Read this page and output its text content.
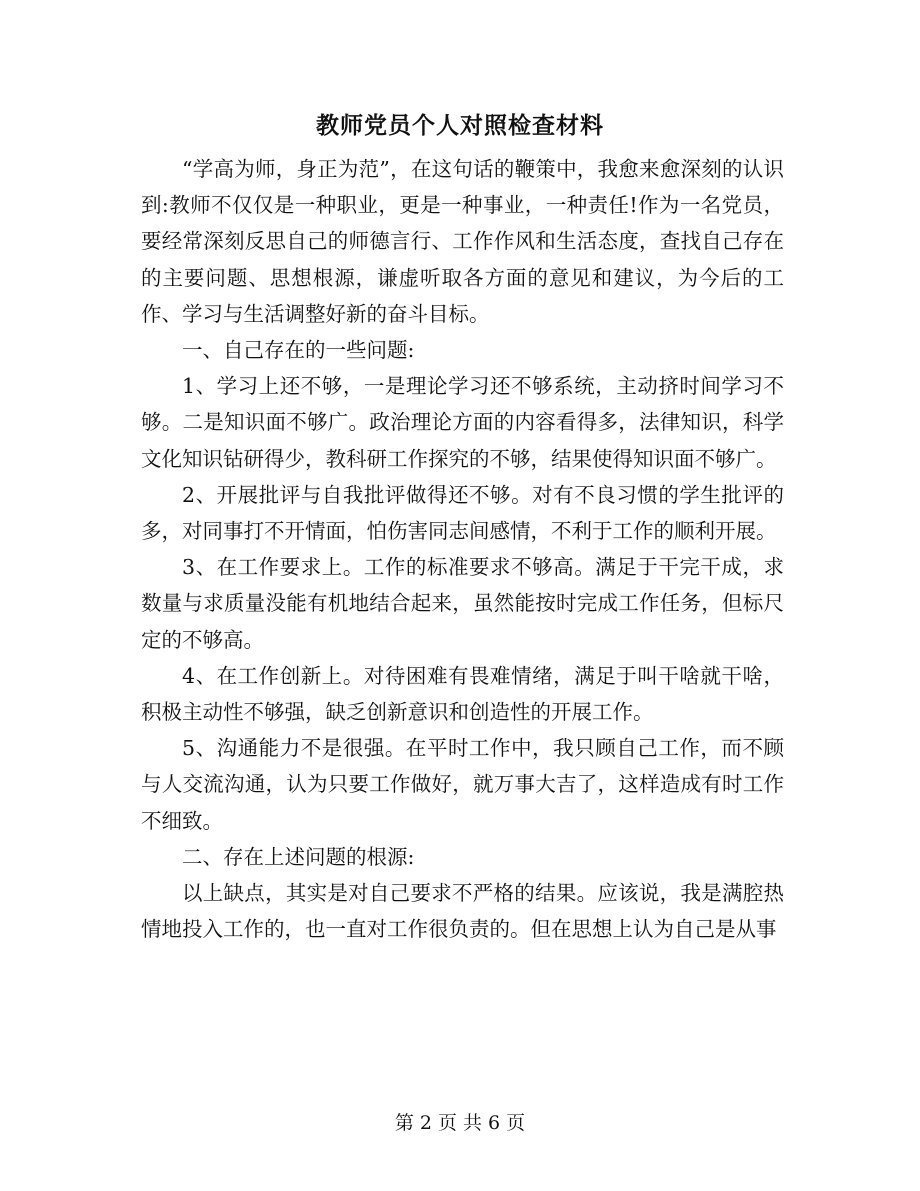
教师党员个人对照检查材料

“学高为师，身正为范”，在这句话的鞭策中，我愈来愈深刻的认识到:教师不仅仅是一种职业，更是一种事业，一种责任!作为一名党员，要经常深刻反思自己的师德言行、工作作风和生活态度，查找自己存在的主要问题、思想根源，谦虚听取各方面的意见和建议，为今后的工作、学习与生活调整好新的奋斗目标。

一、自己存在的一些问题:

1、学习上还不够，一是理论学习还不够系统，主动挤时间学习不够。二是知识面不够广。政治理论方面的内容看得多，法律知识，科学文化知识钻研得少，教科研工作探究的不够，结果使得知识面不够广。

2、开展批评与自我批评做得还不够。对有不良习惯的学生批评的多，对同事打不开情面，怕伤害同志间感情，不利于工作的顺利开展。

3、在工作要求上。工作的标准要求不够高。满足于干完干成，求数量与求质量没能有机地结合起来，虽然能按时完成工作任务，但标尺定的不够高。

4、在工作创新上。对待困难有畏难情绪，满足于叫干啥就干啥，积极主动性不够强，缺乏创新意识和创造性的开展工作。

5、沟通能力不是很强。在平时工作中，我只顾自己工作，而不顾与人交流沟通，认为只要工作做好，就万事大吉了，这样造成有时工作不细致。

二、存在上述问题的根源:

以上缺点，其实是对自己要求不严格的结果。应该说，我是满腔热情地投入工作的，也一直对工作很负责的。但在思想上认为自己是从事

第 2 页 共 6 页
